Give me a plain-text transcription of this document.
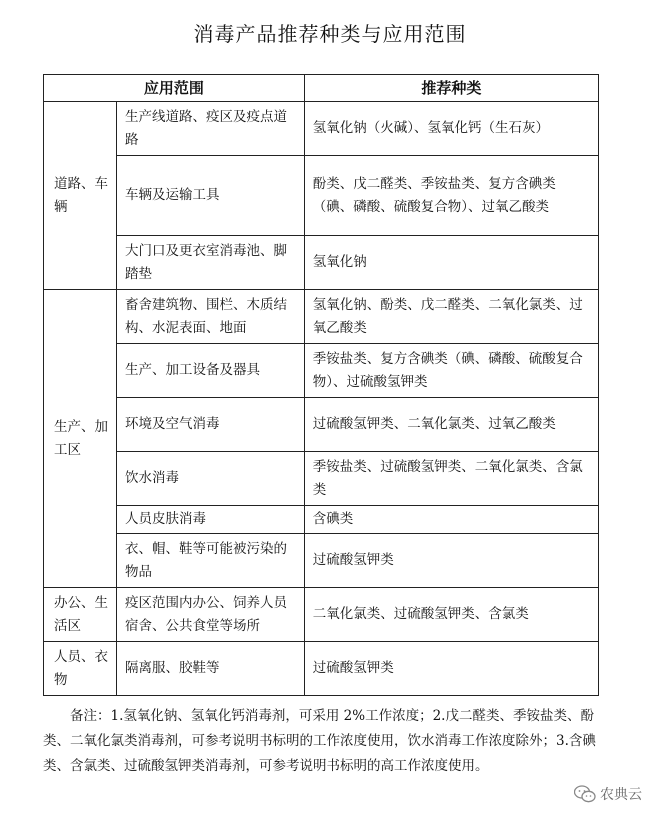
消毒产品推荐种类与应用范围
应用范围		推荐种类
道路、车辆	生产线道路、疫区及疫点道路	氢氧化钠（火碱）、氢氧化钙（生石灰）
	车辆及运输工具	酚类、戊二醛类、季铵盐类、复方含碘类（碘、磷酸、硫酸复合物）、过氧乙酸类
	大门口及更衣室消毒池、脚踏垫	氢氧化钠
生产、加工区	畜舍建筑物、围栏、木质结构、水泥表面、地面	氢氧化钠、酚类、戊二醛类、二氧化氯类、过氧乙酸类
	生产、加工设备及器具	季铵盐类、复方含碘类（碘、磷酸、硫酸复合物）、过硫酸氢钾类
	环境及空气消毒	过硫酸氢钾类、二氧化氯类、过氧乙酸类
	饮水消毒	季铵盐类、过硫酸氢钾类、二氧化氯类、含氯类
	人员皮肤消毒	含碘类
	衣、帽、鞋等可能被污染的物品	过硫酸氢钾类
办公、生活区	疫区范围内办公、饲养人员宿舍、公共食堂等场所	二氧化氯类、过硫酸氢钾类、含氯类
人员、衣物	隔离服、胶鞋等	过硫酸氢钾类
备注：1.氢氧化钠、氢氧化钙消毒剂，可采用 2%工作浓度；2.戊二醛类、季铵盐类、酚类、二氧化氯类消毒剂，可参考说明书标明的工作浓度使用，饮水消毒工作浓度除外；3.含碘类、含氯类、过硫酸氢钾类消毒剂，可参考说明书标明的高工作浓度使用。
农典云
